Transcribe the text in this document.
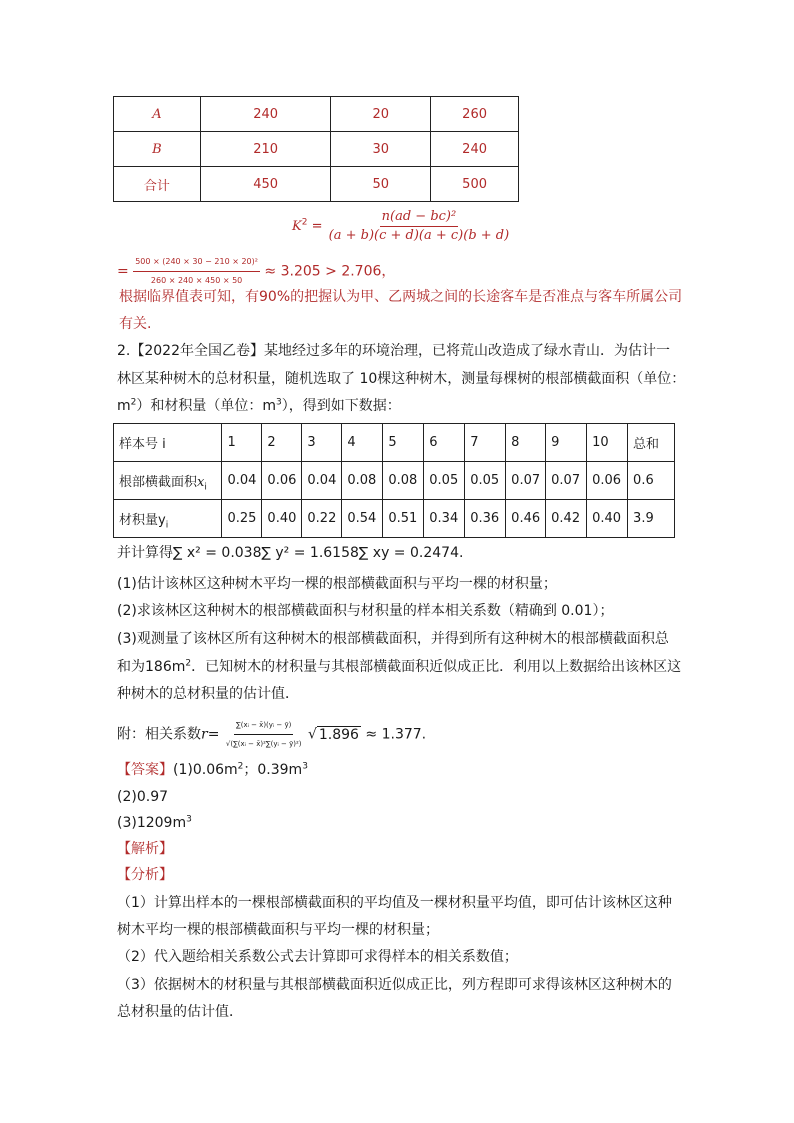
A	240	20	260
B	210	30	240
合计	450	50	500
$K^2 = \frac{\text{n(ad − bc)²}}{(a + b)(c + d)(a + c)(b + d)}$
= $\frac{\text{500 × (240 × 30 − 210 × 20)²}}{260 \times 240 \times 450 \times 50} \approx 3.205 > 2.706$，
根据临界值表可知，有90%的把握认为甲、乙两城之间的长途客车是否准点与客车所属公司
有关.
2.【2022年全国乙卷】某地经过多年的环境治理，已将荒山改造成了绿水青山．为估计一
林区某种树木的总材积量，随机选取了 10棵这种树木，测量每棵树的根部横截面积（单位：
$m^2$）和材积量（单位：$m^3$），得到如下数据：
样本号 i	1	2	3	4	5	6	7	8	9	10	总和
根部横截面积$x_i$	0.04	0.06	0.04	0.08	0.08	0.05	0.05	0.07	0.07	0.06	0.6
材积量$y_i$	0.25	0.40	0.22	0.54	0.51	0.34	0.36	0.46	0.42	0.40	3.9
并计算得∑ x² = 0.038∑ y² = 1.6158∑ xy = 0.2474.
(1)估计该林区这种树木平均一棵的根部横截面积与平均一棵的材积量；
(2)求该林区这种树木的根部横截面积与材积量的样本相关系数（精确到 0.01）；
(3)观测量了该林区所有这种树木的根部横截面积，并得到所有这种树木的根部横截面积总
和为$186m^2$．已知树木的材积量与其根部横截面积近似成正比．利用以上数据给出该林区这
种树木的总材积量的估计值．
附：相关系数$r= \frac{\text{∑(xᵢ − x̄)(yᵢ − ȳ)}}{\text{√(∑(xᵢ − x̄)²∑(yᵢ − ȳ)²)}}$ √ 1.896 ≈ 1.377.
【答案】$(1)0.06m^2$；$0.39m^3$
(2)0.97
$(3)1209m^3$
【解析】
【分析】
（1）计算出样本的一棵根部横截面积的平均值及一棵材积量平均值，即可估计该林区这种
树木平均一棵的根部横截面积与平均一棵的材积量；
（2）代入题给相关系数公式去计算即可求得样本的相关系数值；
（3）依据树木的材积量与其根部横截面积近似成正比，列方程即可求得该林区这种树木的
总材积量的估计值．
